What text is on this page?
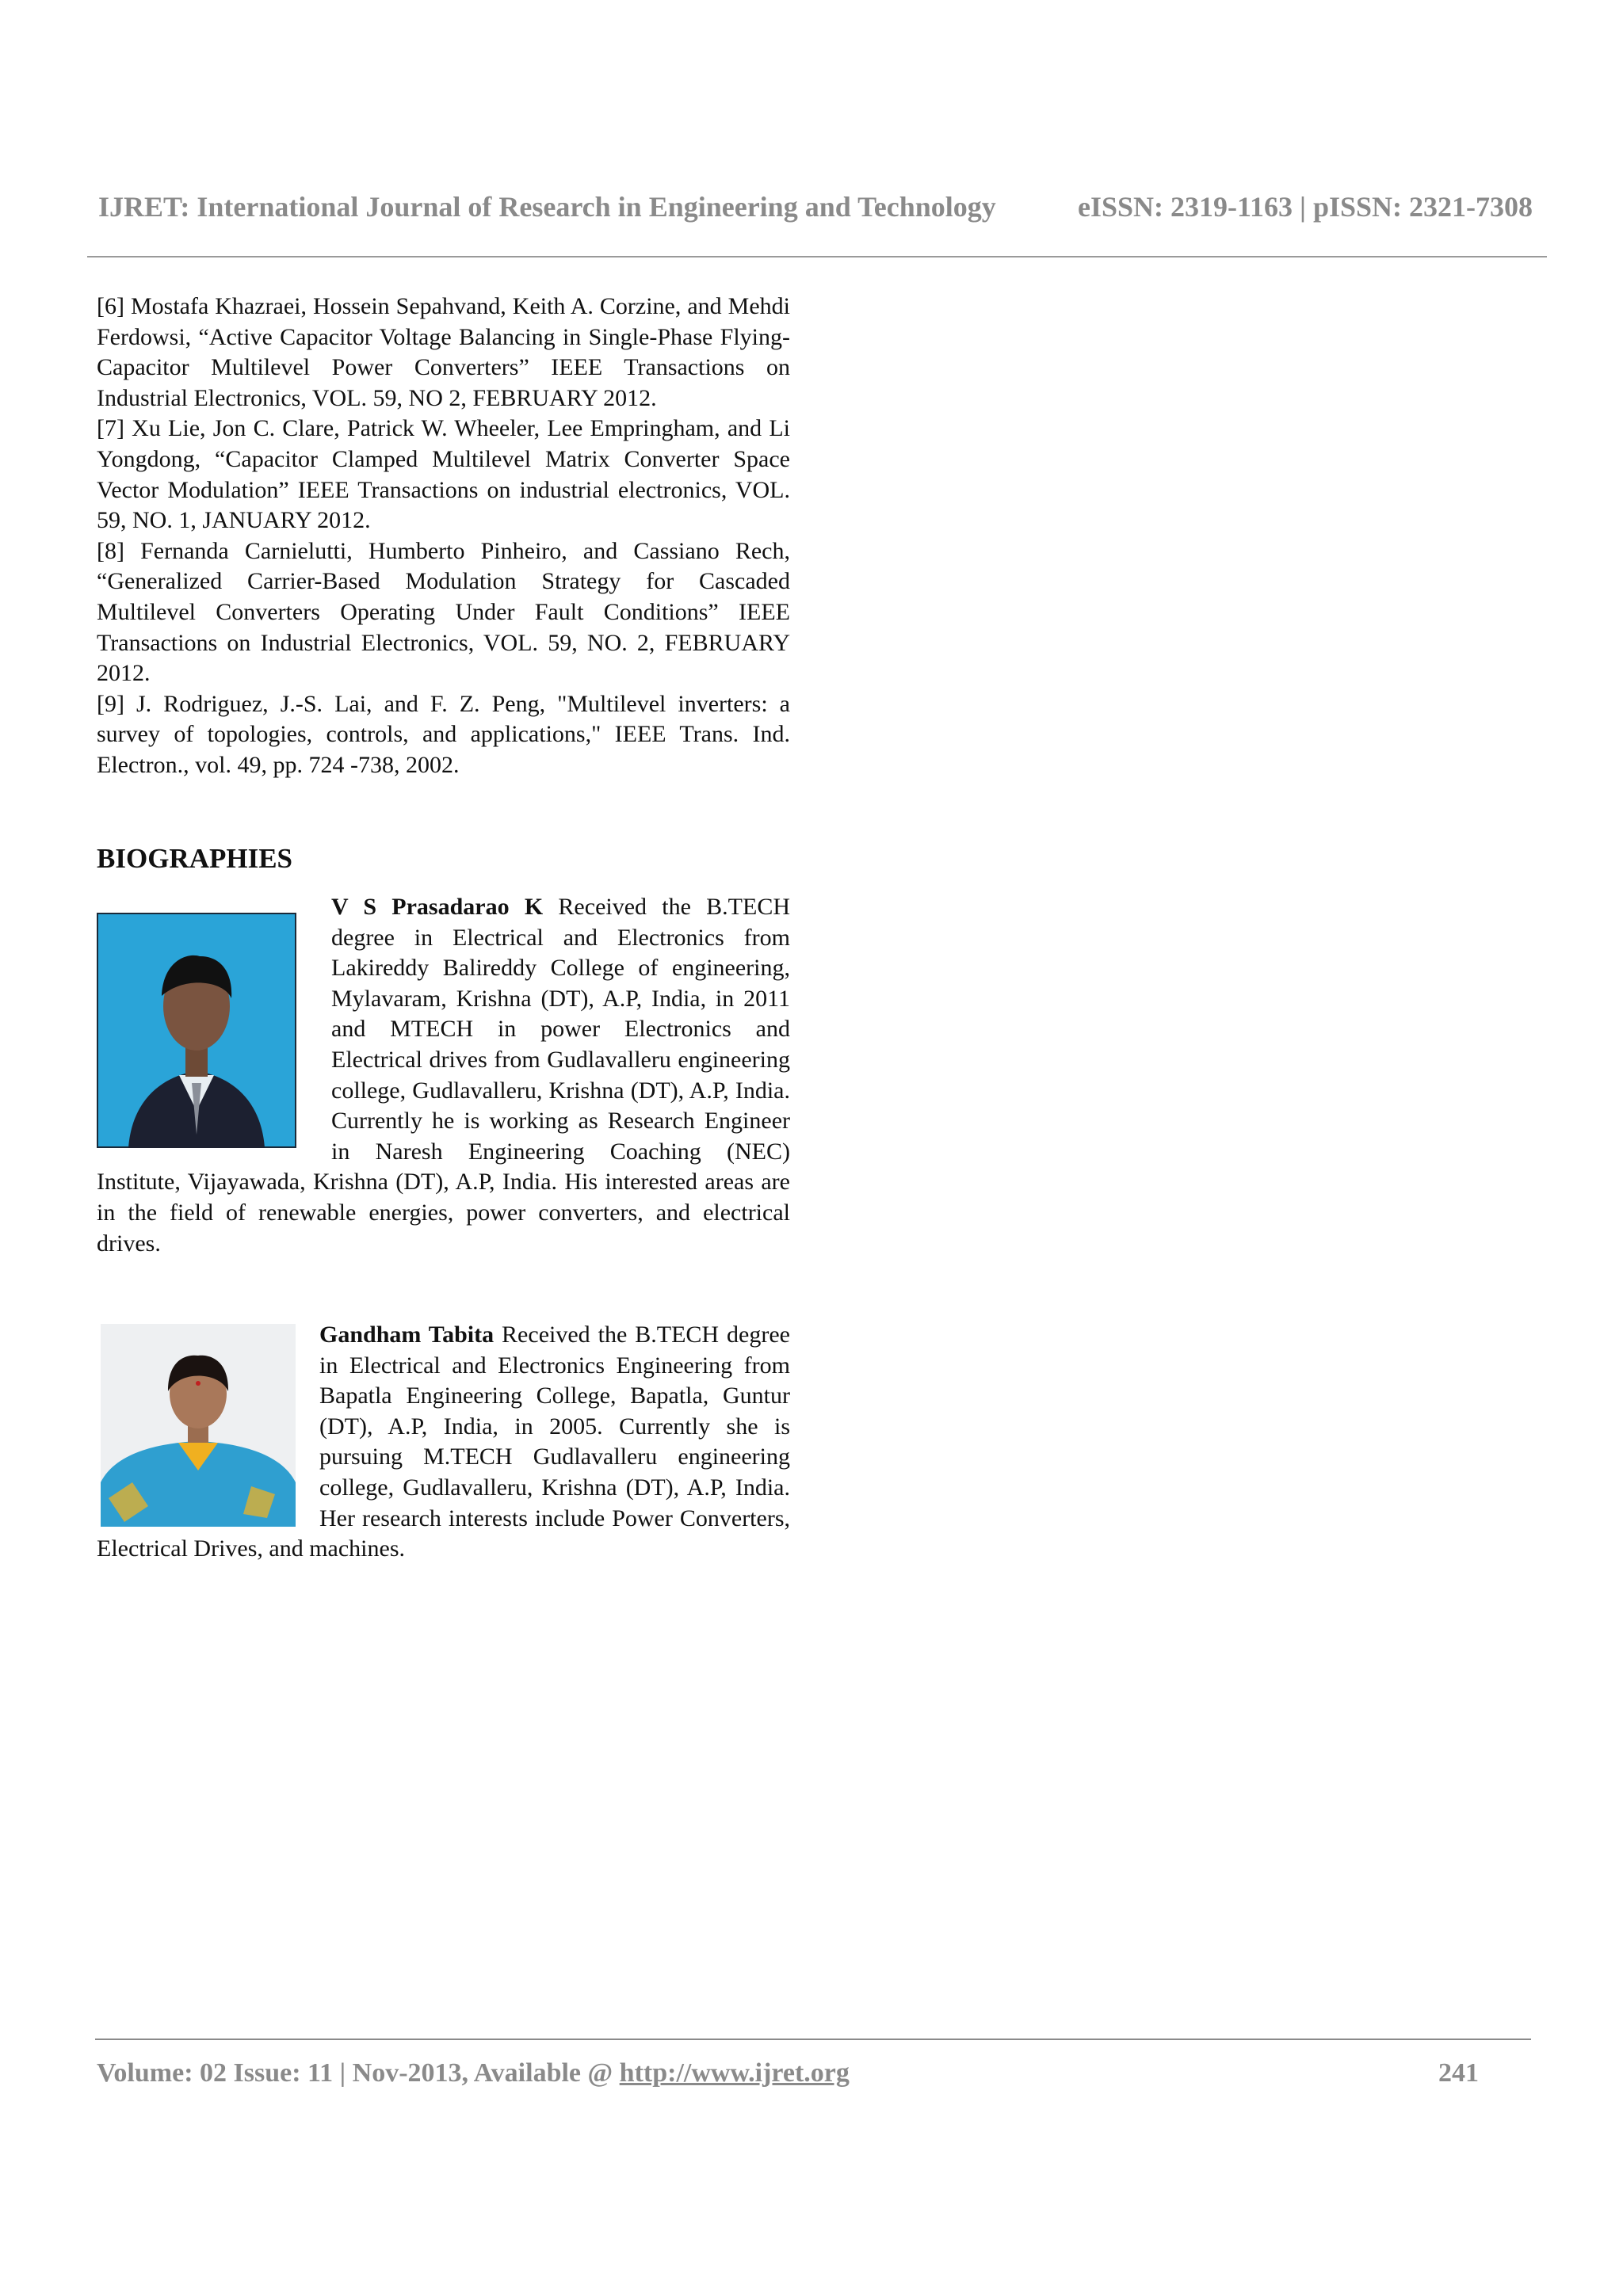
IJRET: International Journal of Research in Engineering and Technology	eISSN: 2319-1163 | pISSN: 2321-7308

[6] Mostafa Khazraei, Hossein Sepahvand, Keith A. Corzine, and Mehdi Ferdowsi, “Active Capacitor Voltage Balancing in Single-Phase Flying-Capacitor Multilevel Power Converters” IEEE Transactions on Industrial Electronics, VOL. 59, NO 2, FEBRUARY 2012.

[7] Xu Lie, Jon C. Clare, Patrick W. Wheeler, Lee Empringham, and Li Yongdong, “Capacitor Clamped Multilevel Matrix Converter Space Vector Modulation” IEEE Transactions on industrial electronics, VOL. 59, NO. 1, JANUARY 2012.

[8] Fernanda Carnielutti, Humberto Pinheiro, and Cassiano Rech, “Generalized Carrier-Based Modulation Strategy for Cascaded Multilevel Converters Operating Under Fault Conditions” IEEE Transactions on Industrial Electronics, VOL. 59, NO. 2, FEBRUARY 2012.

[9] J. Rodriguez, J.-S. Lai, and F. Z. Peng, "Multilevel inverters: a survey of topologies, controls, and applications," IEEE Trans. Ind. Electron., vol. 49, pp. 724 -738, 2002.

BIOGRAPHIES

V S Prasadarao K Received the B.TECH degree in Electrical and Electronics from Lakireddy Balireddy College of engineering, Mylavaram, Krishna (DT), A.P, India, in 2011 and MTECH in power Electronics and Electrical drives from Gudlavalleru engineering college, Gudlavalleru, Krishna (DT), A.P, India. Currently he is working as Research Engineer in Naresh Engineering Coaching (NEC) Institute, Vijayawada, Krishna (DT), A.P, India. His interested areas are in the field of renewable energies, power converters, and electrical drives.

Gandham Tabita Received the B.TECH degree in Electrical and Electronics Engineering from Bapatla Engineering College, Bapatla, Guntur (DT), A.P, India, in 2005. Currently she is pursuing M.TECH Gudlavalleru engineering college, Gudlavalleru, Krishna (DT), A.P, India. Her research interests include Power Converters, Electrical Drives, and machines.

Volume: 02 Issue: 11 | Nov-2013, Available @ http://www.ijret.org	241
